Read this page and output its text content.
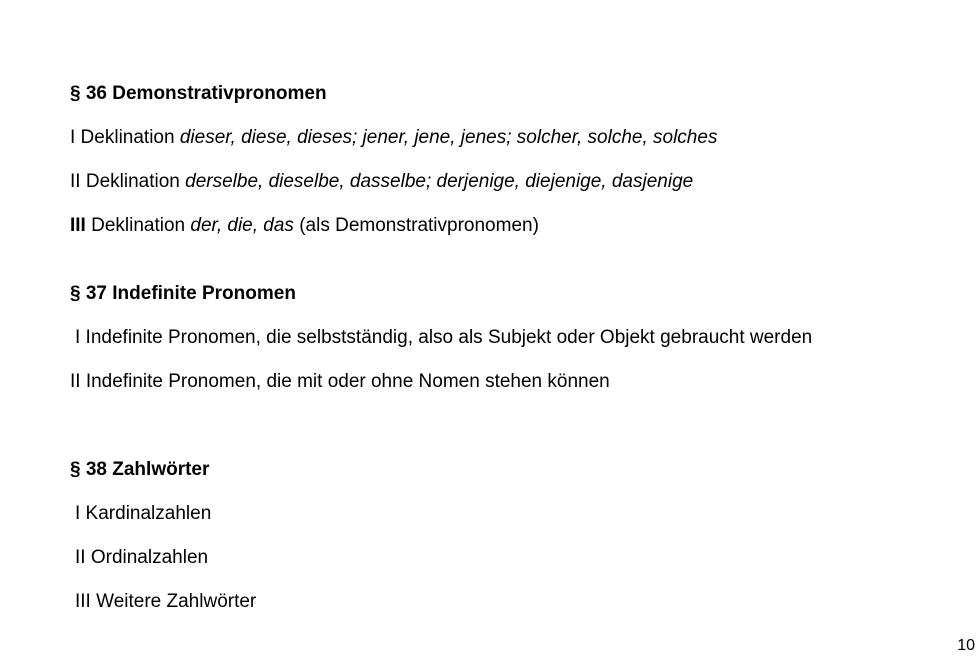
§ 36 Demonstrativpronomen
I Deklination dieser, diese, dieses; jener, jene, jenes; solcher, solche, solches
II Deklination derselbe, dieselbe, dasselbe; derjenige, diejenige, dasjenige
III Deklination der, die, das (als Demonstrativpronomen)
§ 37 Indefinite Pronomen
I Indefinite Pronomen, die selbstständig, also als Subjekt oder Objekt gebraucht werden
II Indefinite Pronomen, die mit oder ohne Nomen stehen können
§ 38 Zahlwörter
I Kardinalzahlen
II Ordinalzahlen
III Weitere Zahlwörter
10
